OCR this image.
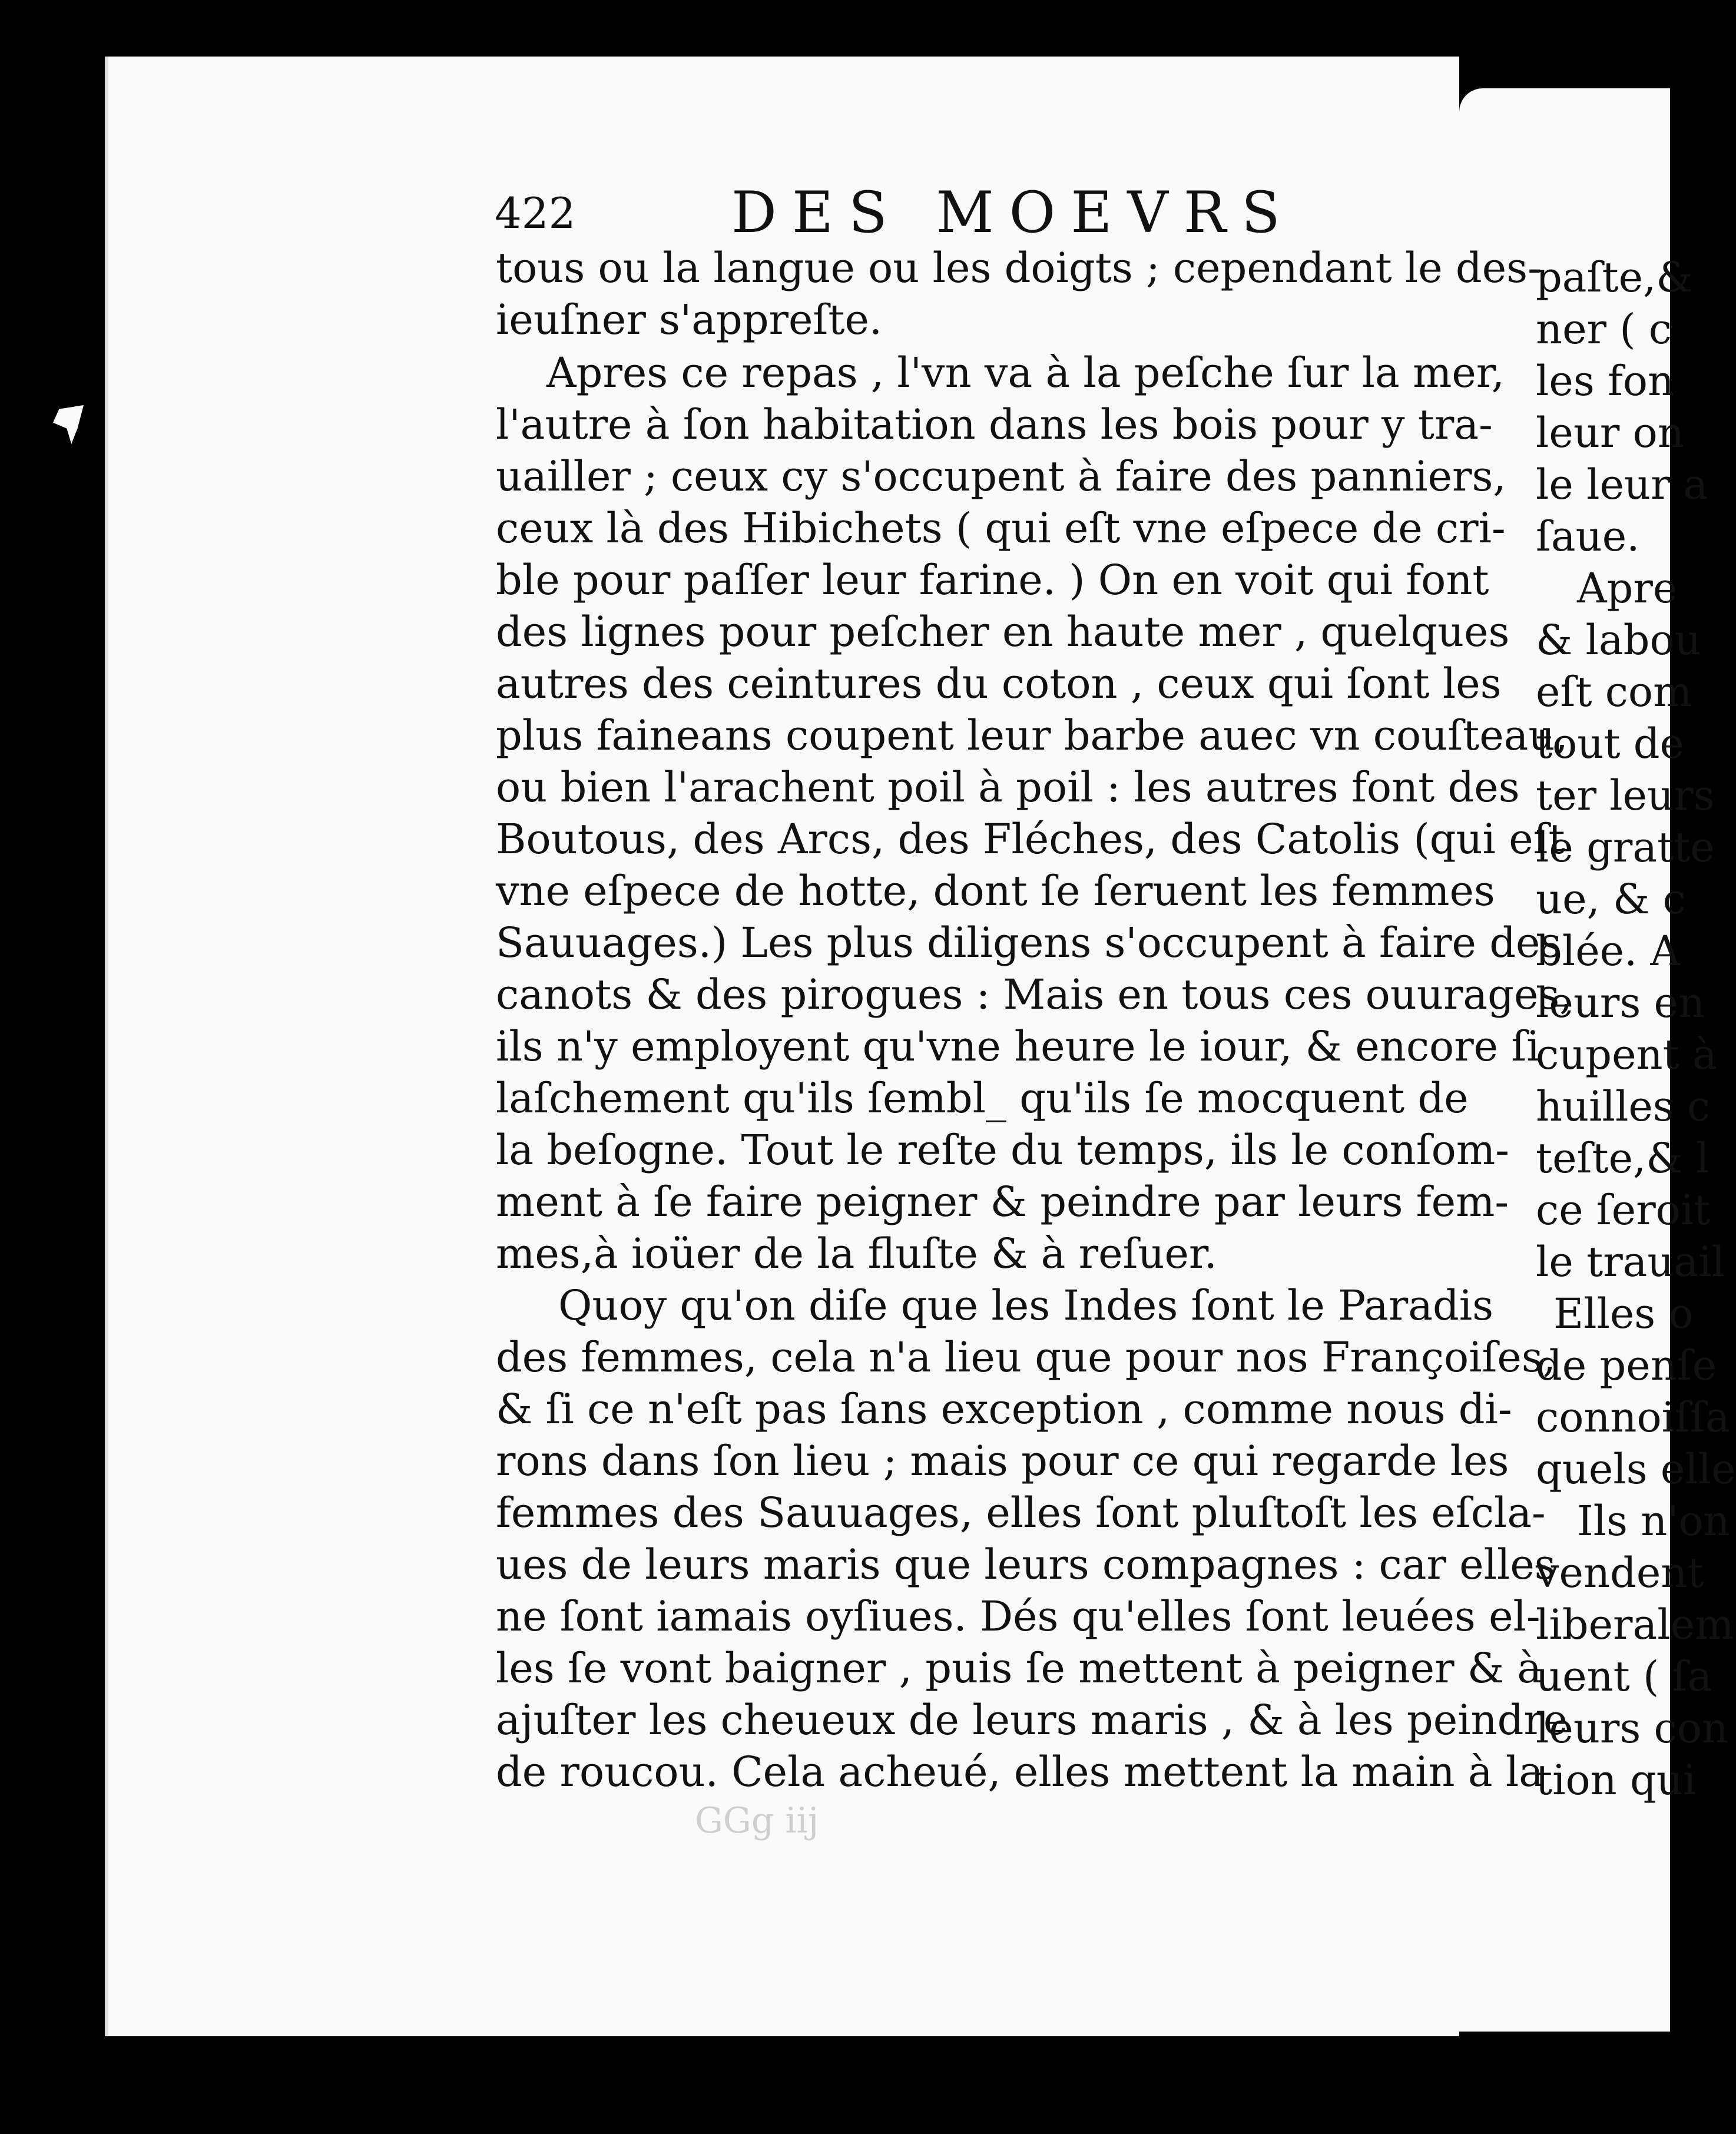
DES MOEVRS
422
tous ou la langue ou les doigts ; cependant le des-
ieuſner s'appreſte.
Apres ce repas , l'vn va à la peſche ſur la mer,
l'autre à ſon habitation dans les bois pour y tra-
uailler ; ceux cy s'occupent à faire des panniers,
ceux là des Hibichets ( qui eſt vne eſpece de cri-
ble pour paſſer leur farine. ) On en voit qui font
des lignes pour peſcher en haute mer , quelques
autres des ceintures du coton , ceux qui ſont les
plus faineans coupent leur barbe auec vn couſteau,
ou bien l'arachent poil à poil : les autres font des
Boutous, des Arcs, des Fléches, des Catolis (qui eſt
vne eſpece de hotte, dont ſe ſeruent les femmes
Sauuages.) Les plus diligens s'occupent à faire des
canots & des pirogues : Mais en tous ces ouurages,
ils n'y employent qu'vne heure le iour, & encore ſi
laſchement qu'ils ſembl_ qu'ils ſe mocquent de
la beſogne. Tout le reſte du temps, ils le conſom-
ment à ſe faire peigner & peindre par leurs fem-
mes,à ioüer de la fluſte & à reſuer.
Quoy qu'on diſe que les Indes ſont le Paradis
des femmes, cela n'a lieu que pour nos Françoiſes,
& ſi ce n'eſt pas ſans exception , comme nous di-
rons dans ſon lieu ; mais pour ce qui regarde les
femmes des Sauuages, elles ſont pluſtoſt les eſcla-
ues de leurs maris que leurs compagnes : car elles
ne ſont iamais oyſiues. Dés qu'elles ſont leuées el-
les ſe vont baigner , puis ſe mettent à peigner & à
ajuſter les cheueux de leurs maris , & à les peindre
de roucou. Cela acheué, elles mettent la main à la
GGg iij
paſte,&
ner ( c
les fon
leur on
le leur a
ſaue.
Apre
& labou
eſt com
tout de
ter leurs
le gratte
ue, & c
blée. A
leurs en
cupent à
huilles c
teſte,& l
ce ſeroit
le trauail
Elles o
de penſe
connoiſſa
quels elle
Ils n'on
vendent
liberalem
uent ( ſa
leurs con
tion qui
